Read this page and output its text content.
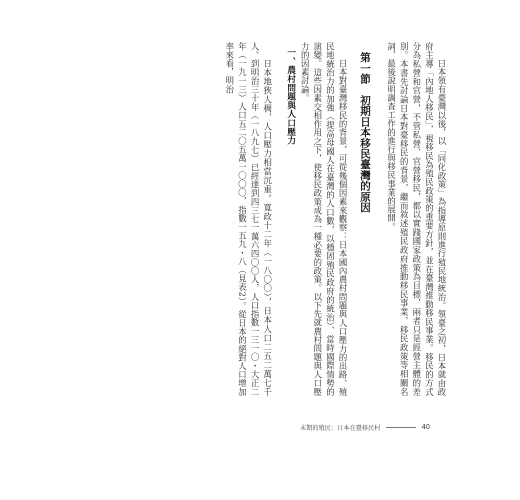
日本領有臺灣以後，以「同化政策」為指導原則進行殖民地統治。領臺之初，日本就由政府主導「內地人移民」，視移民為殖民政策的重要方針，並在臺灣推動移民事業。移民的方式分為私營和官營，不管私營、官營移民，都以實踐國家政策為目標，兩者只是經營主體的差別。本書先討論日本對臺移民的背景，繼而敘述殖民政府推動移民事業，移民政策等相關名詞，最後說明調查工作的進行與移民事業的展開。

第一節　初期日本移民臺灣的原因

日本對臺灣移民的背景，可從幾個因素來觀察：日本國內農村問題與人口壓力的出路、殖民地統治力的加強（提高母國人在臺灣的人口數，以穩固殖民政府的統治）、當時國際情勢的演變。這些因素交相作用之下，使移民政策成為一種必要的政策。以下先就農村問題與人口壓力的因素討論。

一、農村問題與人口壓力

日本地狹人稠，人口壓力相當沉重。寬政十二年（一八〇〇），日本人口二五二萬七千人。到明治三十年（一八九七）已經達到四三七一萬六四〇〇人，人口指數一三一〇・大正二年（一九一三）人口五二〇五萬一〇〇〇，指數一五九・八（見表2）。從日本的絕對人口增加率來看，明治

末期的殖民：日本在臺移民村	40
